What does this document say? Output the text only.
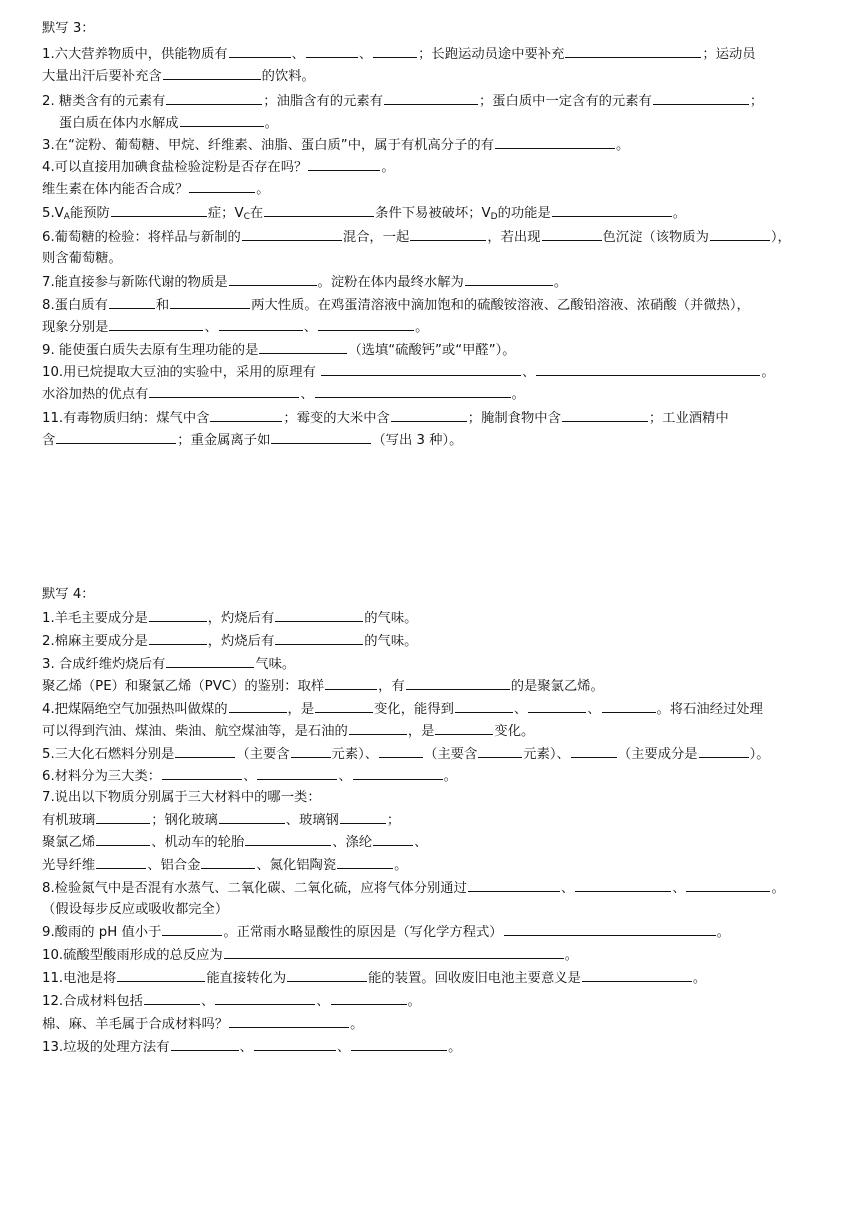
默写 3：
1.六大营养物质中，供能物质有	、	、	；长跑运动员途中要补充	；运动员
大量出汗后要补充含	的饮料。
2. 糖类含有的元素有	；油脂含有的元素有	；蛋白质中一定含有的元素有	；
蛋白质在体内水解成	。
3.在“淀粉、葡萄糖、甲烷、纤维素、油脂、蛋白质”中，属于有机高分子的有	。
4.可以直接用加碘食盐检验淀粉是否存在吗？	。
维生素在体内能否合成？	。
$5.V_A$能预防	症；$V_C$在	条件下易被破坏；$V_D$的功能是	。
6.葡萄糖的检验：将样品与新制的	混合，一起	，若出现	色沉淀（该物质为	），
则含葡萄糖。
7.能直接参与新陈代谢的物质是	。淀粉在体内最终水解为	。
8.蛋白质有	和	两大性质。在鸡蛋清溶液中滴加饱和的硫酸铵溶液、乙酸铅溶液、浓硝酸（并微热），
现象分别是	、	、	。
9. 能使蛋白质失去原有生理功能的是	（选填“硫酸钙”或“甲醛”）。
10.用已烷提取大豆油的实验中，采用的原理有	、	。
水浴加热的优点有	、	。
11.有毒物质归纳：煤气中含	；霉变的大米中含	；腌制食物中含	；工业酒精中
含	；重金属离子如	（写出 3 种）。
默写 4：
1.羊毛主要成分是	，灼烧后有	的气味。
2.棉麻主要成分是	，灼烧后有	的气味。
3. 合成纤维灼烧后有	气味。
聚乙烯（PE）和聚氯乙烯（PVC）的鉴别：取样	，有	的是聚氯乙烯。
4.把煤隔绝空气加强热叫做煤的	，是	变化，能得到	、	、	。将石油经过处理
可以得到汽油、煤油、柴油、航空煤油等，是石油的	，是	变化。
5.三大化石燃料分别是	（主要含	元素）、	（主要含	元素）、	（主要成分是	）。
6.材料分为三大类：	、	、	。
7.说出以下物质分别属于三大材料中的哪一类：
有机玻璃	；钢化玻璃	、玻璃钢	；
聚氯乙烯	、机动车的轮胎	、涤纶	、
光导纤维	、铝合金	、氮化铝陶瓷	。
8.检验氮气中是否混有水蒸气、二氧化碳、二氧化硫，应将气体分别通过	、	、	。
（假设每步反应或吸收都完全）
9.酸雨的 pH 值小于	。正常雨水略显酸性的原因是（写化学方程式）	。
10.硫酸型酸雨形成的总反应为	。
11.电池是将	能直接转化为	能的装置。回收废旧电池主要意义是	。
12.合成材料包括	、	、	。
棉、麻、羊毛属于合成材料吗？	。
13.垃圾的处理方法有	、	、	。
